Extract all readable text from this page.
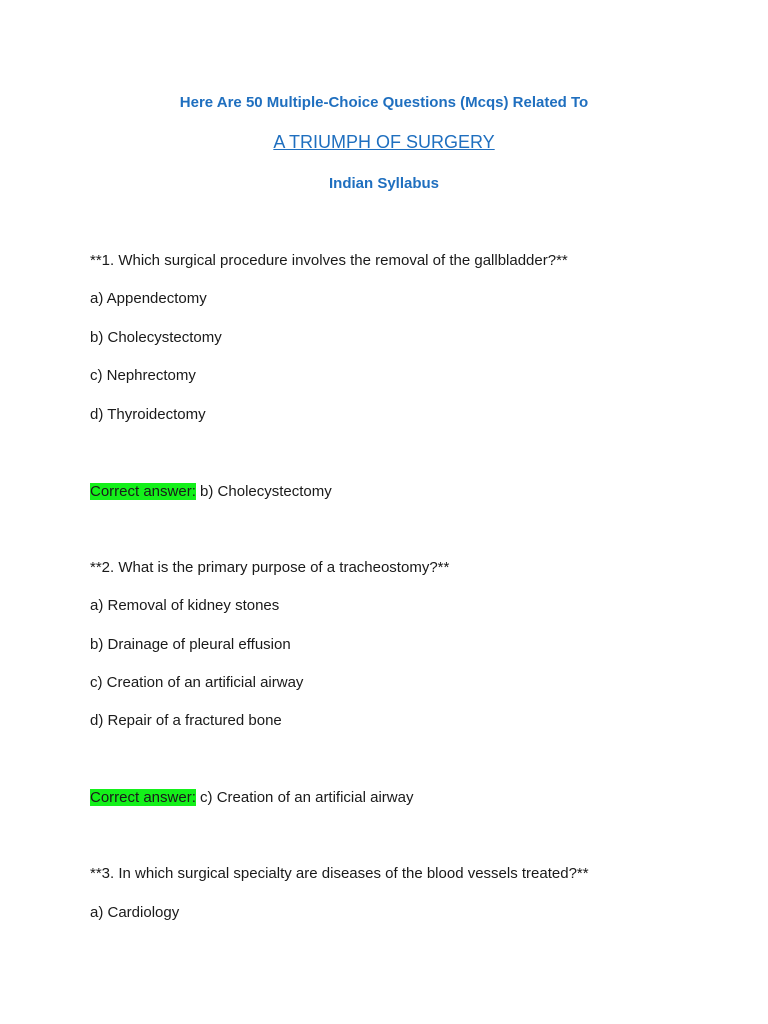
Here Are 50 Multiple-Choice Questions (Mcqs) Related To
A TRIUMPH OF SURGERY
Indian Syllabus
**1. Which surgical procedure involves the removal of the gallbladder?**
a) Appendectomy
b) Cholecystectomy
c) Nephrectomy
d) Thyroidectomy
Correct answer: b) Cholecystectomy
**2. What is the primary purpose of a tracheostomy?**
a) Removal of kidney stones
b) Drainage of pleural effusion
c) Creation of an artificial airway
d) Repair of a fractured bone
Correct answer: c) Creation of an artificial airway
**3. In which surgical specialty are diseases of the blood vessels treated?**
a) Cardiology
